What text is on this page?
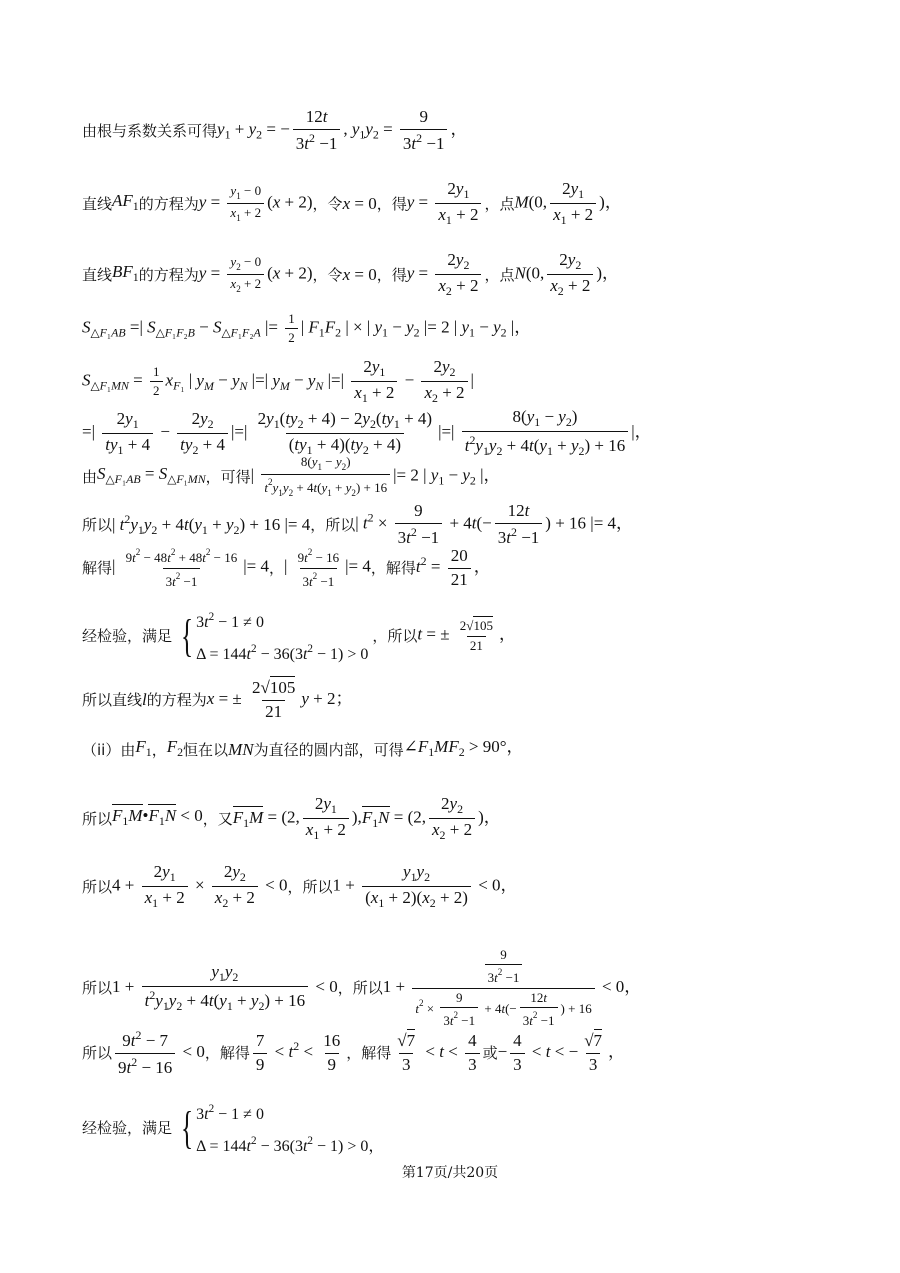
由根与系数关系可得 $y_1 + y_2$ = − $\frac{12t}{3t^2 -1}$ , $y_1y_2 = \frac{9}{3t^2 -1}$ ，
直线 $AF_1$ 的方程为 $y = \frac{y_1 - 0}{x_1 + 2} (x + 2)$ ，令 x = 0 ，得 $y = \frac{2y_1}{x_1 + 2}$ ，点 M(0, $\frac{2y_1}{x_1 + 2}$ )，
直线 $BF_1$ 的方程为 $y = \frac{y_2 - 0}{x_2 + 2} (x + 2)$ ，令 x = 0 ，得 $y = \frac{2y_2}{x_2 + 2}$ ，点 N(0, $\frac{2y_2}{x_2 + 2}$ )，
$S_{\triangle F_1AB}$ =| $S_{\triangle F_1F_2B} - S_{\triangle F_1F_2A}$ |= $\frac{1}{2}$ | $F_1F_2$ | × | $y_1 - y_2$ |= 2 | $y_1 - y_2$ |，
$S_{\triangle F_1MN} = \frac{1}{2} x_{F_1}$ | $y_M - y_N$ |=| $y_M - y_N$ |=| $\frac{2y_1}{x_1 + 2} - \frac{2y_2}{x_2 + 2}$ |
=| $\frac{2y_1}{ty_1 + 4} - \frac{2y_2}{ty_2 + 4}$ |=| $\frac{2y_1(ty_2 + 4) - 2y_2(ty_1 + 4)}{(ty_1 + 4)(ty_2 + 4)}$ |=| $\frac{8(y_1 - y_2)}{t^2y_1y_2 + 4t(y_1 + y_2) + 16}$ |，
由 $S_{\triangle F_1AB} = S_{\triangle F_1MN}$ ，可得 | $\frac{8(y_1 - y_2)}{t^2y_1y_2 + 4t(y_1 + y_2) + 16}$ |= 2 | $y_1 - y_2$ |，
所以 | $t^2y_1y_2 + 4t(y_1 + y_2) + 16$ |= 4 ，所以 | $t^2 \times \frac{9}{3t^2 -1} + 4t(- \frac{12t}{3t^2 -1}$ ) + 16 |= 4，
解得 | $\frac{9t^2 - 48t^2 + 48t^2 - 16}{3t^2 -1}$ |= 4 ， | $\frac{9t^2 - 16}{3t^2 -1}$ |= 4 ，解得 $t^2 = \frac{20}{21}$ ，
经检验，满足 { $3t^2 - 1 \ne 0$
$\Delta = 144t^2 - 36(3t^2 - 1) > 0$
，所以 t = ± $\frac{2√105}{21}$ ，
所以直线 l 的方程为 x = ± $\frac{2√105}{21}$ y + 2；
（ii）由 $F_1$ ， $F_2$ 恒在以 MN 为直径的圆内部，可得 $\angle F_1MF_2 > 90^\circ$，
所以 $F_1M•F_1N < 0$ ，又 $F_1M = (2$, $\frac{2y_1}{x_1 + 2} ),F_1N = (2$, $\frac{2y_2}{x_2 + 2}$ )，
所以 $4 + \frac{2y_1}{x_1 + 2} \times \frac{2y_2}{x_2 + 2} < 0$ ，所以 $1 + \frac{y_1y_2}{(x_1 + 2)(x_2 + 2)} < 0$，
所以 $1 + \frac{y_1y_2}{t^2y_1y_2 + 4t(y_1 + y_2) + 16} < 0$ ，所以 $1 + \frac{\frac{9}{3t^2 -1}}{t^2 \times \frac{9}{3t^2 -1} + 4t(- \frac{12t}{3t^2 -1} ) + 16} < 0$，
所以 $\frac{9t^2 - 7}{9t^2 - 16} < 0$ ，解得 $\frac{7}{9} < t^2 < \frac{16}{9}$ ，解得 $\frac{√7}{3} < t < \frac{4}{3}$ 或 − $\frac{4}{3} < t$ < − $\frac{√7}{3}$ ，
经检验，满足 { $3t^2 - 1 \ne 0$
$\Delta = 144t^2 - 36(3t^2 - 1) > 0$，
第17页/共20页
